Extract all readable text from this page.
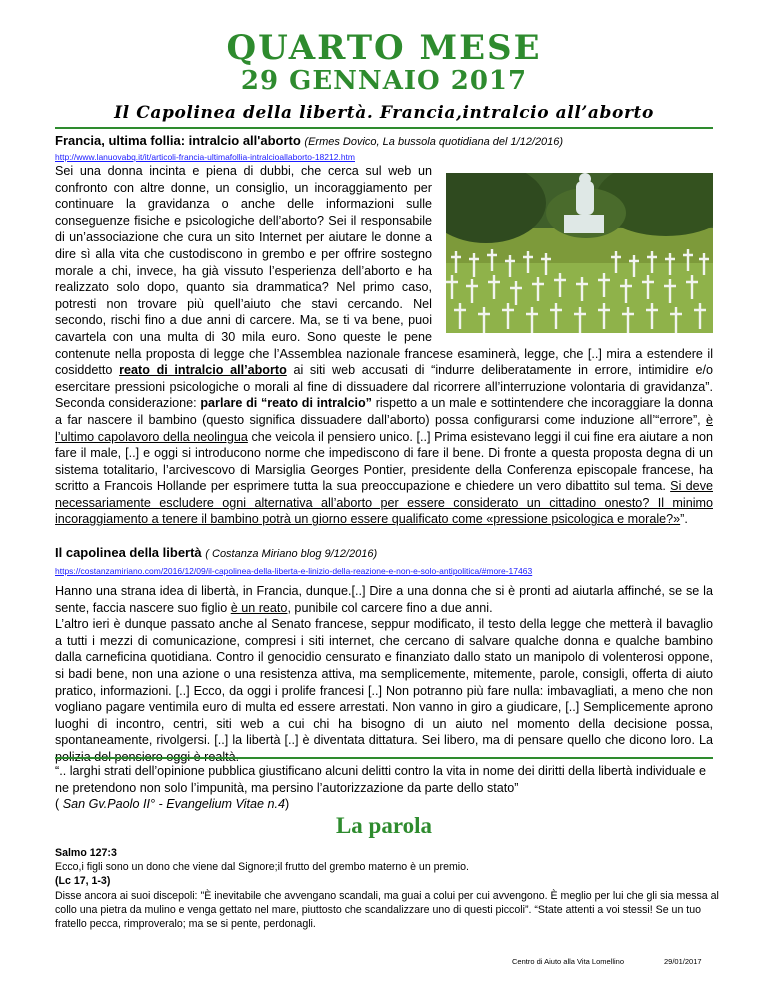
QUARTO MESE
29 GENNAIO 2017
Il Capolinea della libertà. Francia,intralcio all’aborto
Francia, ultima follia: intralcio all'aborto (Ermes Dovico, La bussola quotidiana del 1/12/2016)
http://www.lanuovabq.it/it/articoli-francia-ultimafollia-intralcioallaborto-18212.htm
Sei una donna incinta e piena di dubbi, che cerca sul web un confronto con altre donne, un consiglio, un incoraggiamento per continuare la gravidanza o anche delle informazioni sulle conseguenze fisiche e psicologiche dell’aborto? Sei il responsabile di un’associazione che cura un sito Internet per aiutare le donne a dire sì alla vita che custodiscono in grembo e per offrire sostegno morale a chi, invece, ha già vissuto l’esperienza dell’aborto e ha realizzato solo dopo, quanto sia drammatica? Nel primo caso, potresti non trovare più quell’aiuto che stavi cercando. Nel secondo, rischi fino a due anni di carcere. Ma, se ti va bene, puoi cavartela con una multa di 30 mila euro. Sono queste le pene contenute nella proposta di legge che l’Assemblea nazionale francese esaminerà, legge, che [..] mira a estendere il cosiddetto reato di intralcio all’aborto ai siti web accusati di “indurre deliberatamente in errore, intimidire e/o esercitare pressioni psicologiche o morali al fine di dissuadere dal ricorrere all’interruzione volontaria di gravidanza”. Seconda considerazione: parlare di “reato di intralcio” rispetto a un male e sottintendere che incoraggiare la donna a far nascere il bambino (questo significa dissuadere dall’aborto) possa configurarsi come induzione all’“errore”, è l’ultimo capolavoro della neolingua che veicola il pensiero unico. [..] Prima esistevano leggi il cui fine era aiutare a non fare il male, [..] e oggi si introducono norme che impediscono di fare il bene. Di fronte a questa proposta degna di un sistema totalitario, l’arcivescovo di Marsiglia Georges Pontier, presidente della Conferenza episcopale francese, ha scritto a Francois Hollande per esprimere tutta la sua preoccupazione e chiedere un vero dibattito sul tema. Si deve necessariamente escludere ogni alternativa all’aborto per essere considerato un cittadino onesto? Il minimo incoraggiamento a tenere il bambino potrà un giorno essere qualificato come «pressione psicologica e morale?»”.
Il capolinea della libertà ( Costanza Miriano blog 9/12/2016)
https://costanzamiriano.com/2016/12/09/il-capolinea-della-liberta-e-linizio-della-reazione-e-non-e-solo-antipolitica/#more-17463

Hanno una strana idea di libertà, in Francia, dunque.[..] Dire a una donna che si è pronti ad aiutarla affinché, se se la sente, faccia nascere suo figlio è un reato, punibile col carcere fino a due anni.

L’altro ieri è dunque passato anche al Senato francese, seppur modificato, il testo della legge che metterà il bavaglio a tutti i mezzi di comunicazione, compresi i siti internet, che cercano di salvare qualche donna e qualche bambino dalla carneficina quotidiana. Contro il genocidio censurato e finanziato dallo stato un manipolo di volenterosi oppone, si badi bene, non una azione o una resistenza attiva, ma semplicemente, mitemente, parole, consigli, offerta di aiuto pratico, informazioni. [..] Ecco, da oggi i prolife francesi [..] Non potranno più fare nulla: imbavagliati, a meno che non vogliano pagare ventimila euro di multa ed essere arrestati. Non vanno in giro a giudicare, [..] Semplicemente aprono luoghi di incontro, centri, siti web a cui chi ha bisogno di un aiuto nel momento della decisione possa, spontaneamente, rivolgersi. [..] la libertà [..] è diventata dittatura. Sei libero, ma di pensare quello che dicono loro. La

“.. larghi strati dell’opinione pubblica giustificano alcuni delitti contro la vita in nome dei diritti della libertà individuale e ne pretendono non solo l’impunità, ma persino l’autorizzazione da parte dello stato”
( San Gv.Paolo II° - Evangelium Vitae n.4)
La parola
Salmo 127:3
Ecco,i figli sono un dono che viene dal Signore;il frutto del grembo materno è un premio.
(Lc 17, 1-3)
Disse ancora ai suoi discepoli: "È inevitabile che avvengano scandali, ma guai a colui per cui avvengono. È meglio per lui che gli sia messa al collo una pietra da mulino e venga gettato nel mare, piuttosto che scandalizzare uno di questi piccoli”. “State attenti a voi stessi! Se un tuo fratello pecca, rimproveralo; ma se si pente, perdonagli.
Centro di Aiuto alla Vita Lomellino	29/01/2017
